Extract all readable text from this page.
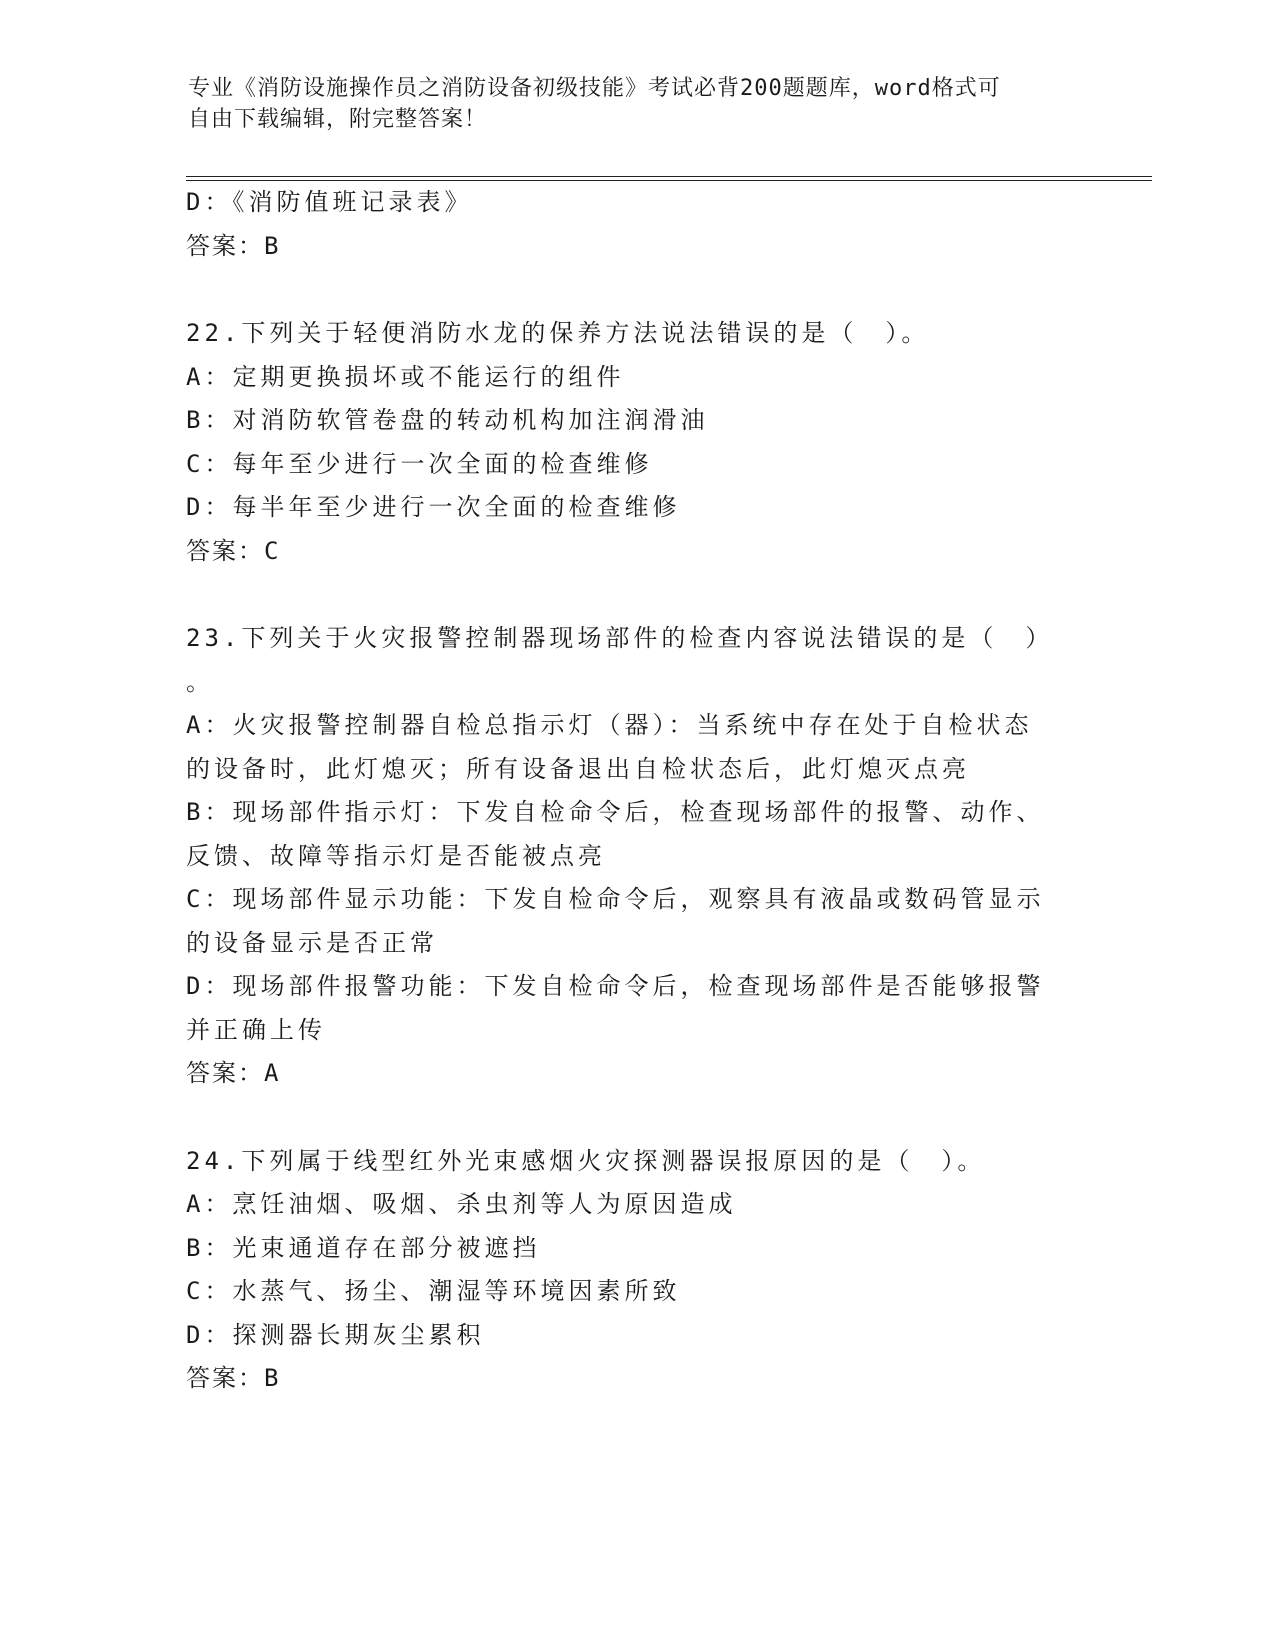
专业《消防设施操作员之消防设备初级技能》考试必背200题题库，word格式可
自由下载编辑，附完整答案！
D：《消防值班记录表》
答案：B
22.下列关于轻便消防水龙的保养方法说法错误的是（　）。
A：定期更换损坏或不能运行的组件
B：对消防软管卷盘的转动机构加注润滑油
C：每年至少进行一次全面的检查维修
D：每半年至少进行一次全面的检查维修
答案：C
23.下列关于火灾报警控制器现场部件的检查内容说法错误的是（　）
。
A：火灾报警控制器自检总指示灯（器）：当系统中存在处于自检状态
的设备时，此灯熄灭；所有设备退出自检状态后，此灯熄灭点亮
B：现场部件指示灯：下发自检命令后，检查现场部件的报警、动作、
反馈、故障等指示灯是否能被点亮
C：现场部件显示功能：下发自检命令后，观察具有液晶或数码管显示
的设备显示是否正常
D：现场部件报警功能：下发自检命令后，检查现场部件是否能够报警
并正确上传
答案：A
24.下列属于线型红外光束感烟火灾探测器误报原因的是（　）。
A：烹饪油烟、吸烟、杀虫剂等人为原因造成
B：光束通道存在部分被遮挡
C：水蒸气、扬尘、潮湿等环境因素所致
D：探测器长期灰尘累积
答案：B
